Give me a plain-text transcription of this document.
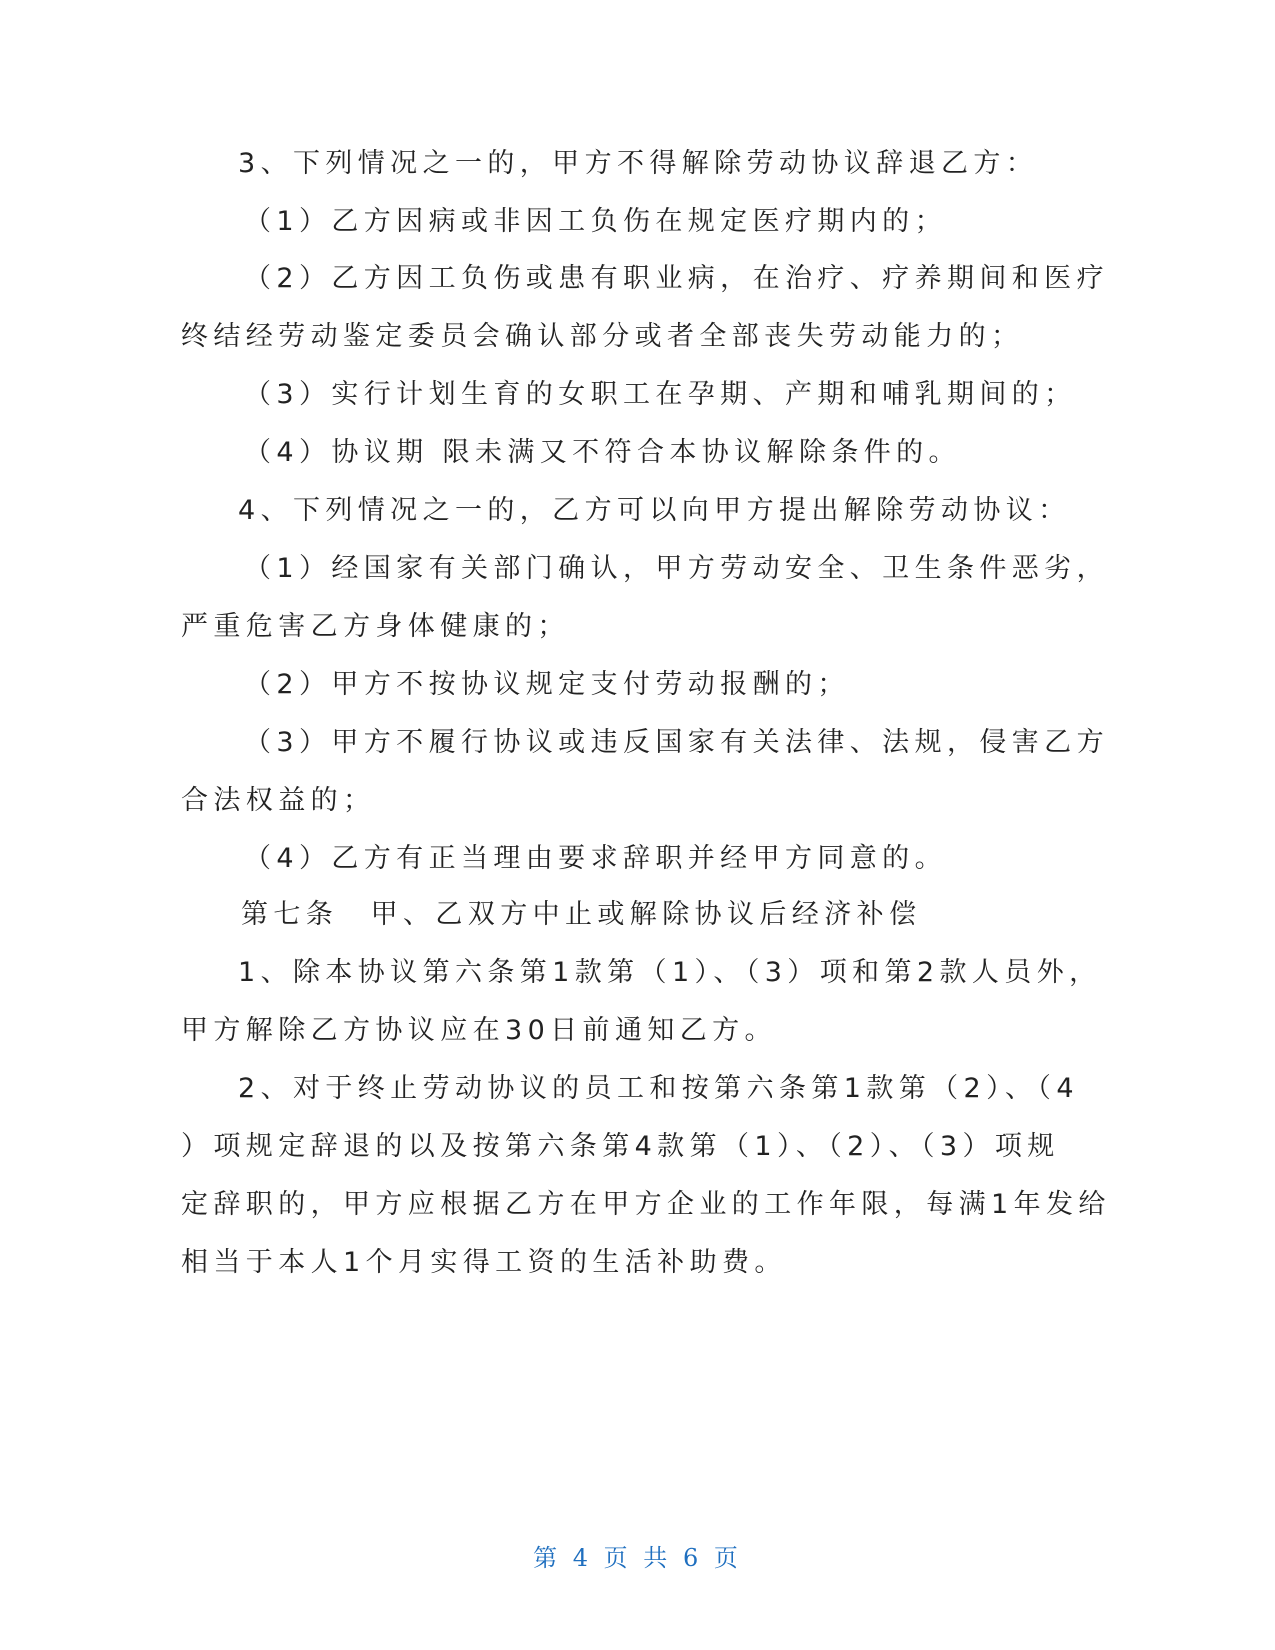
3、下列情况之一的，甲方不得解除劳动协议辞退乙方：
（1）乙方因病或非因工负伤在规定医疗期内的；
（2）乙方因工负伤或患有职业病，在治疗、疗养期间和医疗
终结经劳动鉴定委员会确认部分或者全部丧失劳动能力的；
（3）实行计划生育的女职工在孕期、产期和哺乳期间的；
（4）协议期 限未满又不符合本协议解除条件的。
4、下列情况之一的，乙方可以向甲方提出解除劳动协议：
（1）经国家有关部门确认，甲方劳动安全、卫生条件恶劣，
严重危害乙方身体健康的；
（2）甲方不按协议规定支付劳动报酬的；
（3）甲方不履行协议或违反国家有关法律、法规，侵害乙方
合法权益的；
（4）乙方有正当理由要求辞职并经甲方同意的。
第七条　甲、乙双方中止或解除协议后经济补偿
1、除本协议第六条第1款第（1）、（3）项和第2款人员外，
甲方解除乙方协议应在30日前通知乙方。
2、对于终止劳动协议的员工和按第六条第1款第（2）、（4
）项规定辞退的以及按第六条第4款第（1）、（2）、（3）项规
定辞职的，甲方应根据乙方在甲方企业的工作年限，每满1年发给
相当于本人1个月实得工资的生活补助费。
第 4 页 共 6 页
